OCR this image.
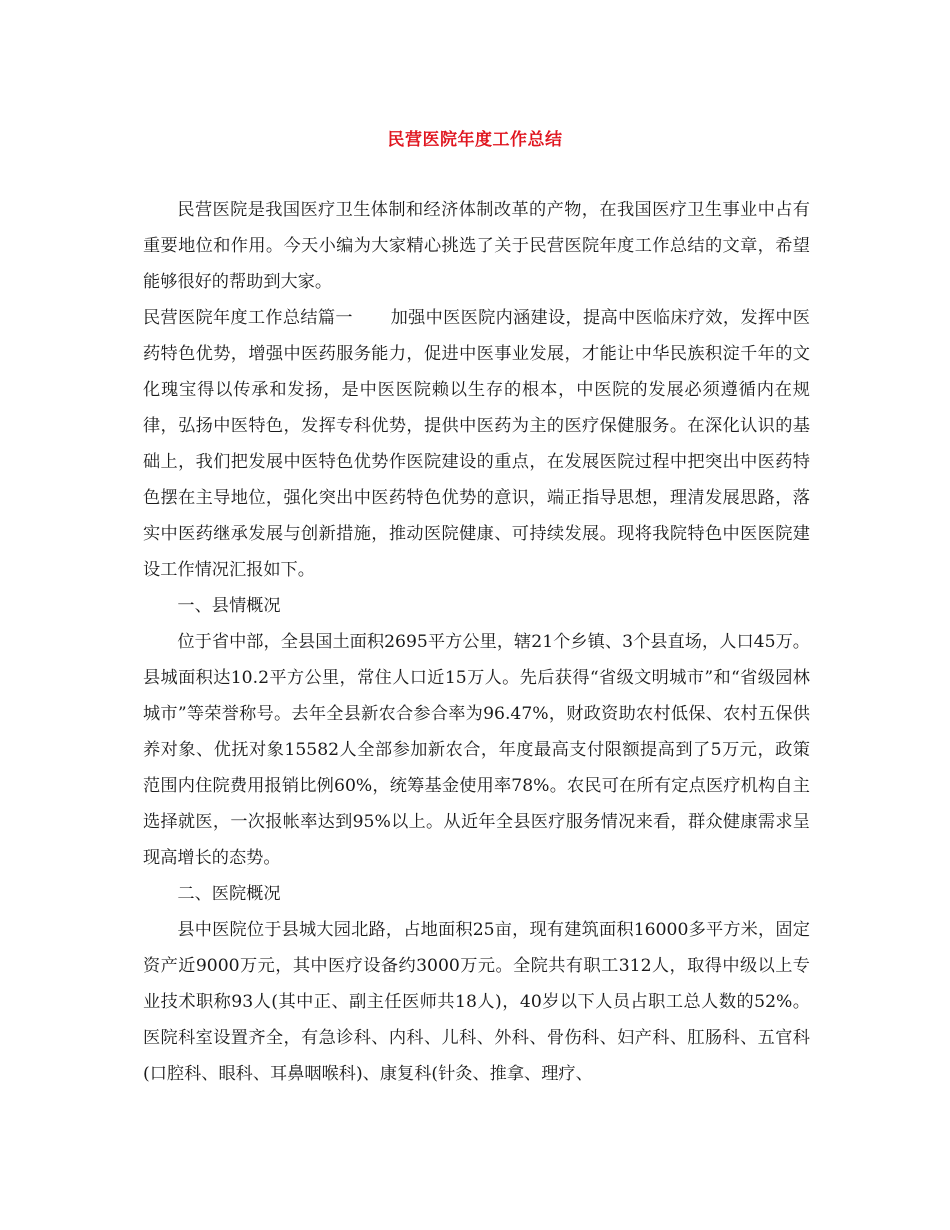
民营医院年度工作总结

民营医院是我国医疗卫生体制和经济体制改革的产物，在我国医疗卫生事业中占有重要地位和作用。今天小编为大家精心挑选了关于民营医院年度工作总结的文章，希望能够很好的帮助到大家。

民营医院年度工作总结篇一 加强中医医院内涵建设，提高中医临床疗效，发挥中医药特色优势，增强中医药服务能力，促进中医事业发展，才能让中华民族积淀千年的文化瑰宝得以传承和发扬，是中医医院赖以生存的根本，中医院的发展必须遵循内在规律，弘扬中医特色，发挥专科优势，提供中医药为主的医疗保健服务。在深化认识的基础上，我们把发展中医特色优势作医院建设的重点，在发展医院过程中把突出中医药特色摆在主导地位，强化突出中医药特色优势的意识，端正指导思想，理清发展思路，落实中医药继承发展与创新措施，推动医院健康、可持续发展。现将我院特色中医医院建设工作情况汇报如下。

一、县情概况

位于省中部，全县国土面积2695平方公里，辖21个乡镇、3个县直场，人口45万。县城面积达10.2平方公里，常住人口近15万人。先后获得“省级文明城市”和“省级园林城市”等荣誉称号。去年全县新农合参合率为96.47%，财政资助农村低保、农村五保供养对象、优抚对象15582人全部参加新农合，年度最高支付限额提高到了5万元，政策范围内住院费用报销比例60%，统筹基金使用率78%。农民可在所有定点医疗机构自主选择就医，一次报帐率达到95%以上。从近年全县医疗服务情况来看，群众健康需求呈现高增长的态势。

二、医院概况

县中医院位于县城大园北路，占地面积25亩，现有建筑面积16000多平方米，固定资产近9000万元，其中医疗设备约3000万元。全院共有职工312人，取得中级以上专业技术职称93人(其中正、副主任医师共18人)，40岁以下人员占职工总人数的52%。医院科室设置齐全，有急诊科、内科、儿科、外科、骨伤科、妇产科、肛肠科、五官科(口腔科、眼科、耳鼻咽喉科)、康复科(针灸、推拿、理疗、
